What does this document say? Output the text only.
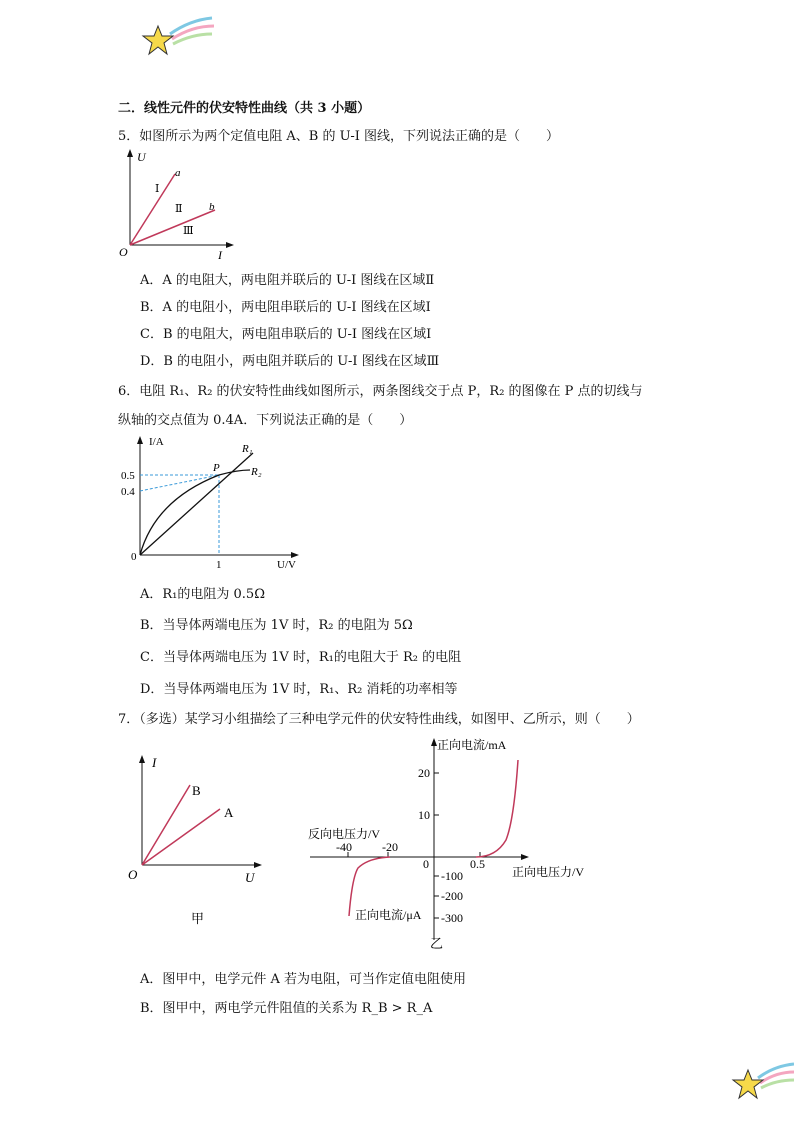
二．线性元件的伏安特性曲线（共 3 小题）
5．如图所示为两个定值电阻 A、B 的 U-I 图线，下列说法正确的是（　　）
U
I
O
a
b
Ⅰ
Ⅱ
Ⅲ
A．A 的电阻大，两电阻并联后的 U-I 图线在区域Ⅱ
B．A 的电阻小，两电阻串联后的 U-I 图线在区域Ⅰ
C．B 的电阻大，两电阻串联后的 U-I 图线在区域Ⅰ
D．B 的电阻小，两电阻并联后的 U-I 图线在区域Ⅲ
6．电阻 R₁、R₂ 的伏安特性曲线如图所示，两条图线交于点 P，R₂ 的图像在 P 点的切线与
纵轴的交点值为 0.4A．下列说法正确的是（　　）
I/A
U/V
0.5
0.4
0
1
P
R₁
R₂
A．R₁的电阻为 0.5Ω
B．当导体两端电压为 1V 时，R₂ 的电阻为 5Ω
C．当导体两端电压为 1V 时，R₁的电阻大于 R₂ 的电阻
D．当导体两端电压为 1V 时，R₁、R₂ 消耗的功率相等
7．（多选）某学习小组描绘了三种电学元件的伏安特性曲线，如图甲、乙所示，则（　　）
I
U
O
B
A
甲
正向电流/mA
正向电压力/V
反向电压力/V
正向电流/μA
20
10
-100
-200
-300
-40	-20
0	0.5
乙
A．图甲中，电学元件 A 若为电阻，可当作定值电阻使用
B．图甲中，两电学元件阻值的关系为 R_B > R_A
